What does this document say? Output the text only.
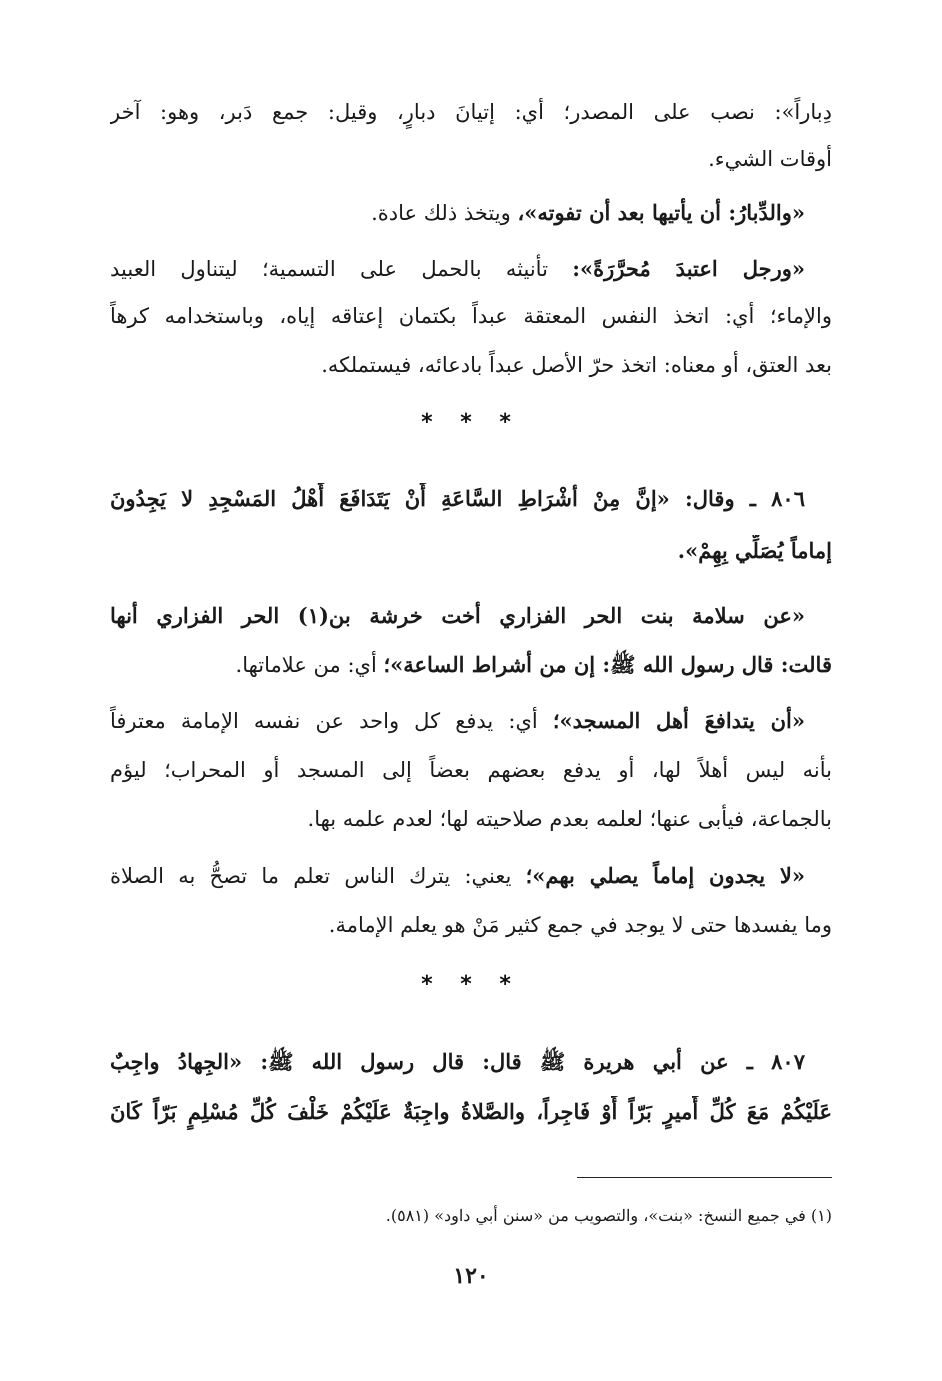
دِباراً»: نصب على المصدر؛ أي: إتيانَ دبارٍ، وقيل: جمع دَبر، وهو: آخر
أوقات الشيء.
«والدِّبارُ: أن يأتيها بعد أن تفوته»، ويتخذ ذلك عادة.
«ورجل اعتبدَ مُحرَّرَةً»: تأنيثه بالحمل على التسمية؛ ليتناول العبيد
والإماء؛ أي: اتخذ النفس المعتقة عبداً بكتمان إعتاقه إياه، وباستخدامه كرهاً
بعد العتق، أو معناه: اتخذ حرّ الأصل عبداً بادعائه، فيستملكه.
* * *
٨٠٦ ـ وقال: «إنَّ مِنْ أشْرَاطِ السَّاعَةِ أَنْ يَتَدَافَعَ أَهْلُ المَسْجِدِ لا يَجِدُونَ
إماماً يُصَلِّي بِهِمْ».
«عن سلامة بنت الحر الفزاري أخت خرشة بن(١) الحر الفزاري أنها
قالت: قال رسول الله ﷺ: إن من أشراط الساعة»؛ أي: من علاماتها.
«أن يتدافعَ أهل المسجد»؛ أي: يدفع كل واحد عن نفسه الإمامة معترفاً
بأنه ليس أهلاً لها، أو يدفع بعضهم بعضاً إلى المسجد أو المحراب؛ ليؤم
بالجماعة، فيأبى عنها؛ لعلمه بعدم صلاحيته لها؛ لعدم علمه بها.
«لا يجدون إماماً يصلي بهم»؛ يعني: يترك الناس تعلم ما تصحُّ به الصلاة
وما يفسدها حتى لا يوجد في جمع كثير مَنْ هو يعلم الإمامة.
* * *
٨٠٧ ـ عن أبي هريرة ﷺ قال: قال رسول الله ﷺ: «الجِهادُ واجِبٌ
عَلَيْكُمْ مَعَ كُلِّ أَميرٍ بَرّاً أَوْ فَاجِراً، والصَّلاةُ واجِبَةٌ عَلَيْكُمْ خَلْفَ كُلِّ مُسْلِمٍ بَرّاً كَانَ
(١) في جميع النسخ: «بنت»، والتصويب من «سنن أبي داود» (٥٨١).
١٢٠
